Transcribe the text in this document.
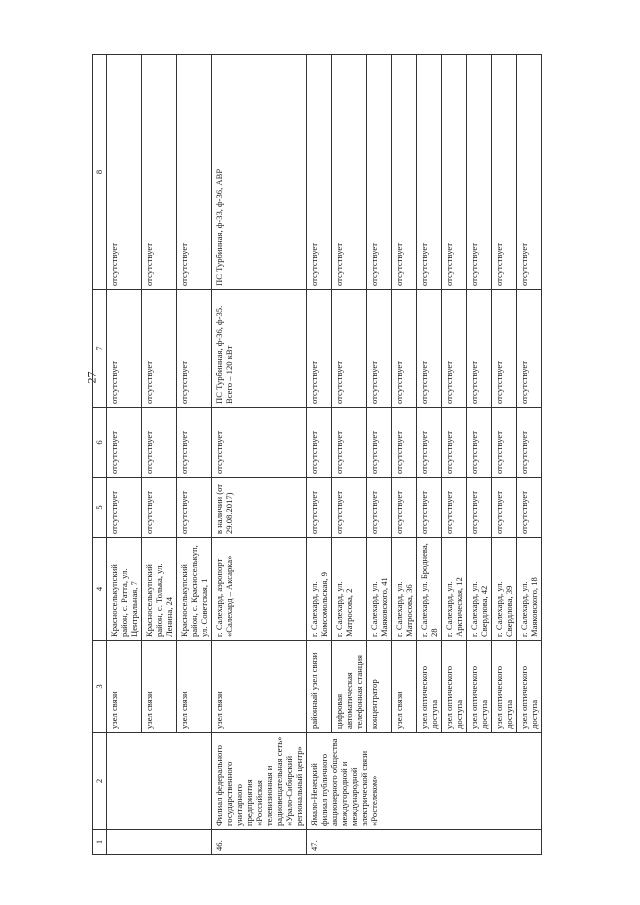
27
1	2	3	4	5	6	7	8
		узел связи	Красноселькупский район, с. Ратта, ул. Центральная, 7	отсутствует	отсутствует	отсутствует	отсутствует
		узел связи	Красноселькупский район, с. Толька, ул. Ленина, 24	отсутствует	отсутствует	отсутствует	отсутствует
		узел связи	Красноселькупский район, с. Красноселькуп, ул. Советская, 1	отсутствует	отсутствует	отсутствует	отсутствует
46.	Филиал федерального государственного унитарного предприятия «Российская телевизионная и радиовещательная сеть» «Урало-Сибирский региональный центр»	узел связи	г. Салехард, аэропорт «Салехард – Аксарка»	в наличии (от 29.08.2017)	отсутствует	ПС Турбинная, ф-36, ф-35. Всего – 120 кВт	ПС Турбинная, ф-33, ф-36, АВР
47.	Ямало-Ненецкий филиал публичного акционерного общества междугородной и международной электрической связи «Ростелеком»	районный узел связи	г. Салехард, ул. Комсомольская, 9	отсутствует	отсутствует	отсутствует	отсутствует
		цифровая автоматическая телефонная станция	г. Салехард, ул. Матросова, 2	отсутствует	отсутствует	отсутствует	отсутствует
		концентратор	г. Салехард, ул. Маяковского, 41	отсутствует	отсутствует	отсутствует	отсутствует
		узел связи	г. Салехард, ул. Матросова, 36	отсутствует	отсутствует	отсутствует	отсутствует
		узел оптического доступа	г. Салехард, ул. Броднева, 28	отсутствует	отсутствует	отсутствует	отсутствует
		узел оптического доступа	г. Салехард, ул. Арктическая, 12	отсутствует	отсутствует	отсутствует	отсутствует
		узел оптического доступа	г. Салехард, ул. Свердлова, 42	отсутствует	отсутствует	отсутствует	отсутствует
		узел оптического доступа	г. Салехард, ул. Свердлова, 39	отсутствует	отсутствует	отсутствует	отсутствует
		узел оптического доступа	г. Салехард, ул. Маяковского, 18	отсутствует	отсутствует	отсутствует	отсутствует
